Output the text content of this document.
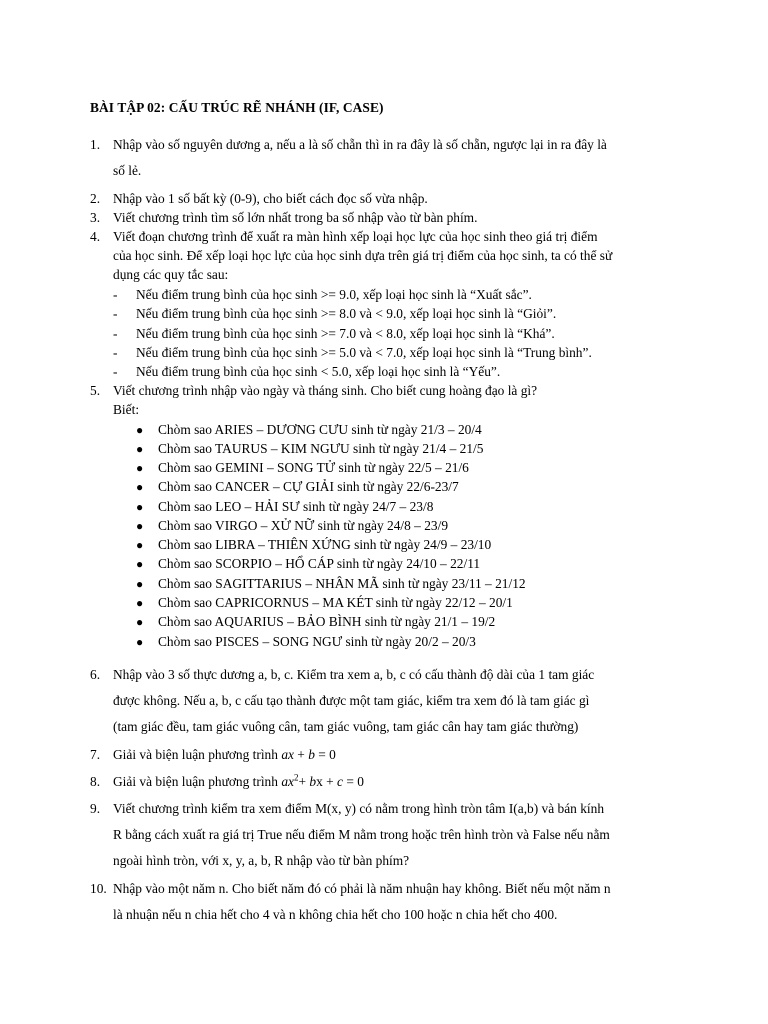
BÀI TẬP 02: CẤU TRÚC RẼ NHÁNH (IF, CASE)
1. Nhập vào số nguyên dương a, nếu a là số chẵn thì in ra đây là số chẵn, ngược lại in ra đây là
số lẻ.
2. Nhập vào 1 số bất kỳ (0-9), cho biết cách đọc số vừa nhập.
3. Viết chương trình tìm số lớn nhất trong ba số nhập vào từ bàn phím.
4. Viết đoạn chương trình để xuất ra màn hình xếp loại học lực của học sinh theo giá trị điểm
của học sinh. Để xếp loại học lực của học sinh dựa trên giá trị điểm của học sinh, ta có thể sử
dụng các quy tắc sau:
- Nếu điểm trung bình của học sinh >= 9.0, xếp loại học sinh là “Xuất sắc”.
- Nếu điểm trung bình của học sinh >= 8.0 và < 9.0, xếp loại học sinh là “Giỏi”.
- Nếu điểm trung bình của học sinh >= 7.0 và < 8.0, xếp loại học sinh là “Khá”.
- Nếu điểm trung bình của học sinh >= 5.0 và < 7.0, xếp loại học sinh là “Trung bình”.
- Nếu điểm trung bình của học sinh < 5.0, xếp loại học sinh là “Yếu”.
5. Viết chương trình nhập vào ngày và tháng sinh. Cho biết cung hoàng đạo là gì?
Biết:
● Chòm sao ARIES – DƯƠNG CƯU sinh từ ngày 21/3 – 20/4
● Chòm sao TAURUS – KIM NGƯU sinh từ ngày 21/4 – 21/5
● Chòm sao GEMINI – SONG TỬ sinh từ ngày 22/5 – 21/6
● Chòm sao CANCER – CỰ GIẢI sinh từ ngày 22/6-23/7
● Chòm sao LEO – HẢI SƯ sinh từ ngày 24/7 – 23/8
● Chòm sao VIRGO – XỬ NỮ sinh từ ngày 24/8 – 23/9
● Chòm sao LIBRA – THIÊN XỨNG sinh từ ngày 24/9 – 23/10
● Chòm sao SCORPIO – HỔ CÁP sinh từ ngày 24/10 – 22/11
● Chòm sao SAGITTARIUS – NHÂN MÃ sinh từ ngày 23/11 – 21/12
● Chòm sao CAPRICORNUS – MA KÉT sinh từ ngày 22/12 – 20/1
● Chòm sao AQUARIUS – BẢO BÌNH sinh từ ngày 21/1 – 19/2
● Chòm sao PISCES – SONG NGƯ sinh từ ngày 20/2 – 20/3
6. Nhập vào 3 số thực dương a, b, c. Kiểm tra xem a, b, c có cấu thành độ dài của 1 tam giác
được không. Nếu a, b, c cấu tạo thành được một tam giác, kiểm tra xem đó là tam giác gì
(tam giác đều, tam giác vuông cân, tam giác vuông, tam giác cân hay tam giác thường)
7. Giải và biện luận phương trình ax + b = 0
8. Giải và biện luận phương trình $ax^2+$ bx + c = 0
9. Viết chương trình kiểm tra xem điểm M(x, y) có nằm trong hình tròn tâm I(a,b) và bán kính
R bằng cách xuất ra giá trị True nếu điểm M nằm trong hoặc trên hình tròn và False nếu nằm
ngoài hình tròn, với x, y, a, b, R nhập vào từ bàn phím?
10. Nhập vào một năm n. Cho biết năm đó có phải là năm nhuận hay không. Biết nếu một năm n
là nhuận nếu n chia hết cho 4 và n không chia hết cho 100 hoặc n chia hết cho 400.
